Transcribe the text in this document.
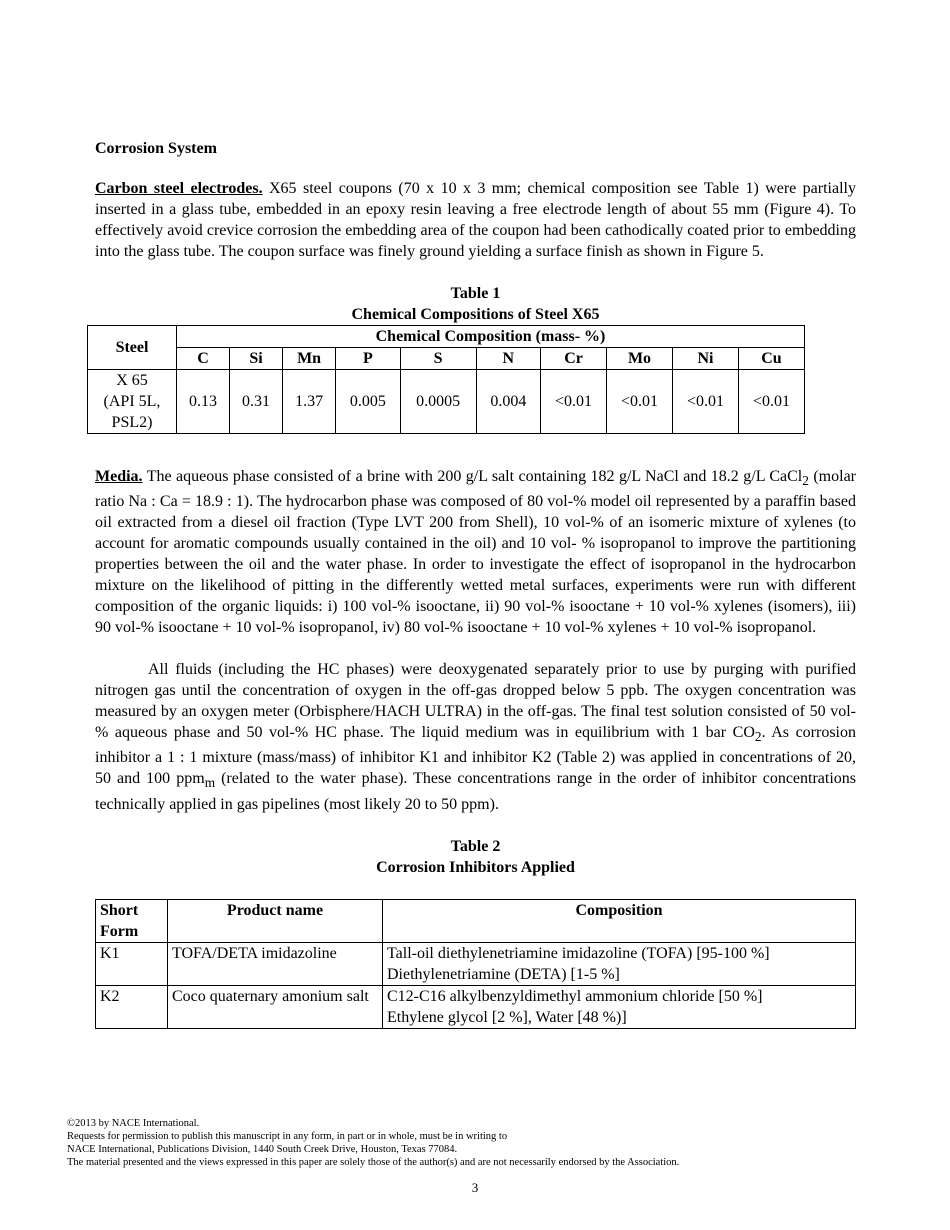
Corrosion System

Carbon steel electrodes. X65 steel coupons (70 x 10 x 3 mm; chemical composition see Table 1) were partially inserted in a glass tube, embedded in an epoxy resin leaving a free electrode length of about 55 mm (Figure 4). To effectively avoid crevice corrosion the embedding area of the coupon had been cathodically coated prior to embedding into the glass tube. The coupon surface was finely ground yielding a surface finish as shown in Figure 5.

Table 1
Chemical Compositions of Steel X65
Steel	Chemical Composition (mass- %)									
	C	Si	Mn	P	S	N	Cr	Mo	Ni	Cu

X 65
(API 5L,
PSL2)	0.13	0.31	1.37	0.005	0.0005	0.004	<0.01	<0.01	<0.01	<0.01

Media. The aqueous phase consisted of a brine with 200 g/L salt containing 182 g/L NaCl and 18.2 g/L CaCl$_2$ (molar ratio Na : Ca = 18.9 : 1). The hydrocarbon phase was composed of 80 vol-% model oil represented by a paraffin based oil extracted from a diesel oil fraction (Type LVT 200 from Shell), 10 vol-% of an isomeric mixture of xylenes (to account for aromatic compounds usually contained in the oil) and 10 vol- % isopropanol to improve the partitioning properties between the oil and the water phase. In order to investigate the effect of isopropanol in the hydrocarbon mixture on the likelihood of pitting in the differently wetted metal surfaces, experiments were run with different composition of the organic liquids: i) 100 vol-% isooctane, ii) 90 vol-% isooctane + 10 vol-% xylenes (isomers), iii) 90 vol-% isooctane + 10 vol-% isopropanol, iv) 80 vol-% isooctane + 10 vol-% xylenes + 10 vol-% isopropanol.

All fluids (including the HC phases) were deoxygenated separately prior to use by purging with purified nitrogen gas until the concentration of oxygen in the off-gas dropped below 5 ppb. The oxygen concentration was measured by an oxygen meter (Orbisphere/HACH ULTRA) in the off-gas. The final test solution consisted of 50 vol-% aqueous phase and 50 vol-% HC phase. The liquid medium was in equilibrium with 1 bar $CO_2$. As corrosion inhibitor a 1 : 1 mixture (mass/mass) of inhibitor K1 and inhibitor K2 (Table 2) was applied in concentrations of 20, 50 and 100 ppm$_m$ (related to the water phase). These concentrations range in the order of inhibitor concentrations technically applied in gas pipelines (most likely 20 to 50 ppm).

Table 2
Corrosion Inhibitors Applied
Short Form	Product name	Composition
K1	TOFA/DETA imidazoline	Tall-oil diethylenetriamine imidazoline (TOFA) [95-100 %]
Diethylenetriamine (DETA) [1-5 %]

K2	Coco quaternary amonium salt	C12-C16 alkylbenzyldimethyl ammonium chloride [50 %]
Ethylene glycol [2 %], Water [48 %)]
©2013 by NACE International.
Requests for permission to publish this manuscript in any form, in part or in whole, must be in writing to
NACE International, Publications Division, 1440 South Creek Drive, Houston, Texas 77084.
The material presented and the views expressed in this paper are solely those of the author(s) and are not necessarily endorsed by the Association.
3
